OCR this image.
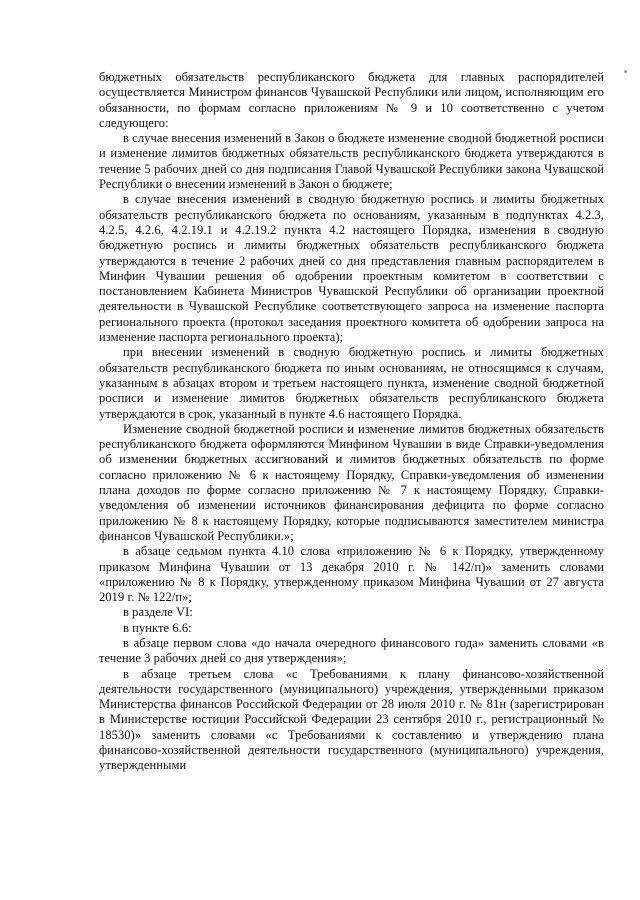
бюджетных обязательств республиканского бюджета для главных распорядителей осуществляется Министром финансов Чувашской Республики или лицом, исполняющим его обязанности, по формам согласно приложениям № 9 и 10 соответственно с учетом следующего:

в случае внесения изменений в Закон о бюджете изменение сводной бюджетной росписи и изменение лимитов бюджетных обязательств республиканского бюджета утверждаются в течение 5 рабочих дней со дня подписания Главой Чувашской Республики закона Чувашской Республики о внесении изменений в Закон о бюджете;

в случае внесения изменений в сводную бюджетную роспись и лимиты бюджетных обязательств республиканского бюджета по основаниям, указанным в подпунктах 4.2.3, 4.2.5, 4.2.6, 4.2.19.1 и 4.2.19.2 пункта 4.2 настоящего Порядка, изменения в сводную бюджетную роспись и лимиты бюджетных обязательств республиканского бюджета утверждаются в течение 2 рабочих дней со дня представления главным распорядителем в Минфин Чувашии решения об одобрении проектным комитетом в соответствии с постановлением Кабинета Министров Чувашской Республики об организации проектной деятельности в Чувашской Республике соответствующего запроса на изменение паспорта регионального проекта (протокол заседания проектного комитета об одобрении запроса на изменение паспорта регионального проекта);

при внесении изменений в сводную бюджетную роспись и лимиты бюджетных обязательств республиканского бюджета по иным основаниям, не относящимся к случаям, указанным в абзацах втором и третьем настоящего пункта, изменение сводной бюджетной росписи и изменение лимитов бюджетных обязательств республиканского бюджета утверждаются в срок, указанный в пункте 4.6 настоящего Порядка.

Изменение сводной бюджетной росписи и изменение лимитов бюджетных обязательств республиканского бюджета оформляются Минфином Чувашии в виде Справки-уведомления об изменении бюджетных ассигнований и лимитов бюджетных обязательств по форме согласно приложению № 6 к настоящему Порядку, Справки-уведомления об изменении плана доходов по форме согласно приложению № 7 к настоящему Порядку, Справки-уведомления об изменении источников финансирования дефицита по форме согласно приложению № 8 к настоящему Порядку, которые подписываются заместителем министра финансов Чувашской Республики.»;

в абзаце седьмом пункта 4.10 слова «приложению № 6 к Порядку, утвержденному приказом Минфина Чувашии от 13 декабря 2010 г. № 142/п)» заменить словами «приложению № 8 к Порядку, утвержденному приказом Минфина Чувашии от 27 августа 2019 г. № 122/п»;

в разделе VI:

в пункте 6.6:

в абзаце первом слова «до начала очередного финансового года» заменить словами «в течение 3 рабочих дней со дня утверждения»;

в абзаце третьем слова «с Требованиями к плану финансово-хозяйственной деятельности государственного (муниципального) учреждения, утвержденными приказом Министерства финансов Российской Федерации от 28 июля 2010 г. № 81н (зарегистрирован в Министерстве юстиции Российской Федерации 23 сентября 2010 г., регистрационный № 18530)» заменить словами «с Требованиями к составлению и утверждению плана финансово-хозяйственной деятельности государственного (муниципального) учреждения, утвержденными
